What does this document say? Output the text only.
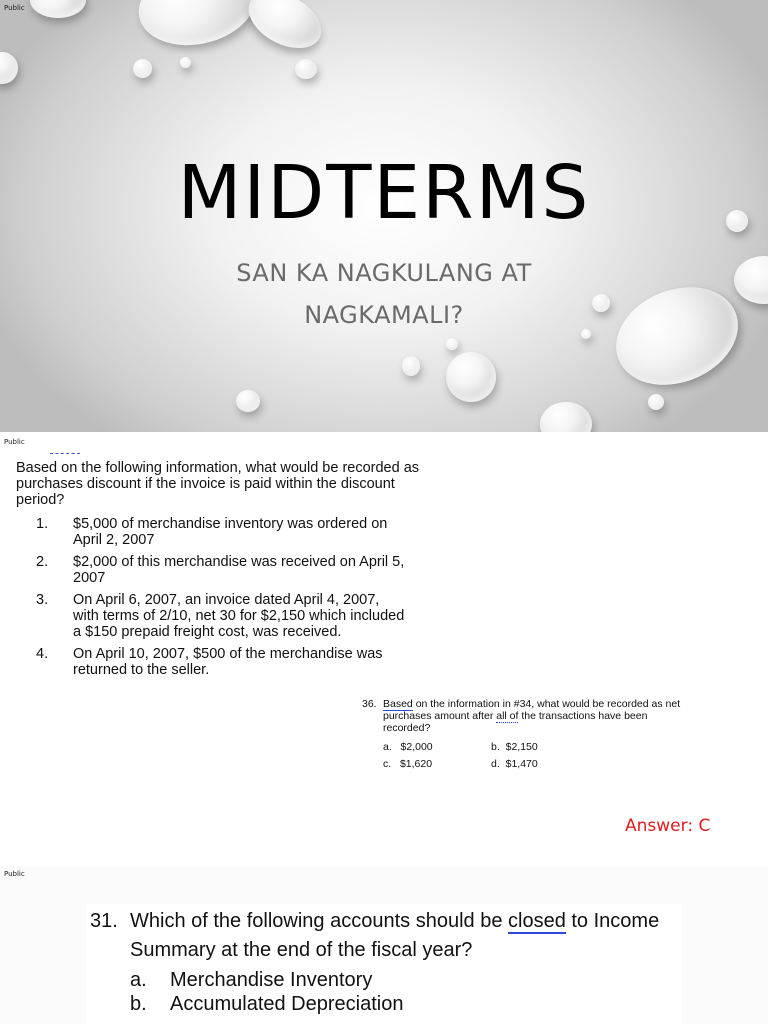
Public
MIDTERMS
SAN KA NAGKULANG AT
NAGKAMALI?
Public
Based on the following information, what would be recorded as purchases discount if the invoice is paid within the discount period?
1.	$5,000 of merchandise inventory was ordered on April 2, 2007
2.	$2,000 of this merchandise was received on April 5, 2007
3.	On April 6, 2007, an invoice dated April 4, 2007, with terms of 2/10, net 30 for $2,150 which included a $150 prepaid freight cost, was received.
4.	On April 10, 2007, $500 of the merchandise was returned to the seller.
36. Based on the information in #34, what would be recorded as net purchases amount after all of the transactions have been recorded?
a. $2,000	b. $2,150
c. $1,620	d. $1,470
Answer: C
Public
31. Which of the following accounts should be closed to Income Summary at the end of the fiscal year?
a.	Merchandise Inventory
b.	Accumulated Depreciation
